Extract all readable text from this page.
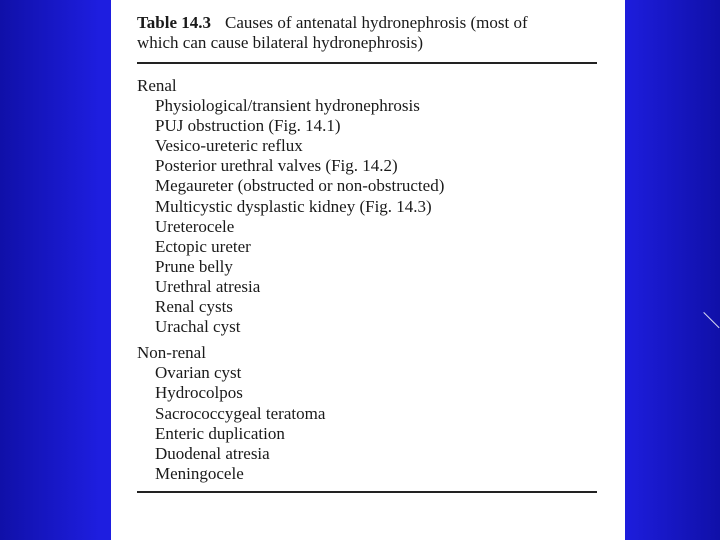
Table 14.3 Causes of antenatal hydronephrosis (most of
which can cause bilateral hydronephrosis)
Renal
Physiological/transient hydronephrosis
PUJ obstruction (Fig. 14.1)
Vesico-ureteric reflux
Posterior urethral valves (Fig. 14.2)
Megaureter (obstructed or non-obstructed)
Multicystic dysplastic kidney (Fig. 14.3)
Ureterocele
Ectopic ureter
Prune belly
Urethral atresia
Renal cysts
Urachal cyst
Non-renal
Ovarian cyst
Hydrocolpos
Sacrococcygeal teratoma
Enteric duplication
Duodenal atresia
Meningocele
